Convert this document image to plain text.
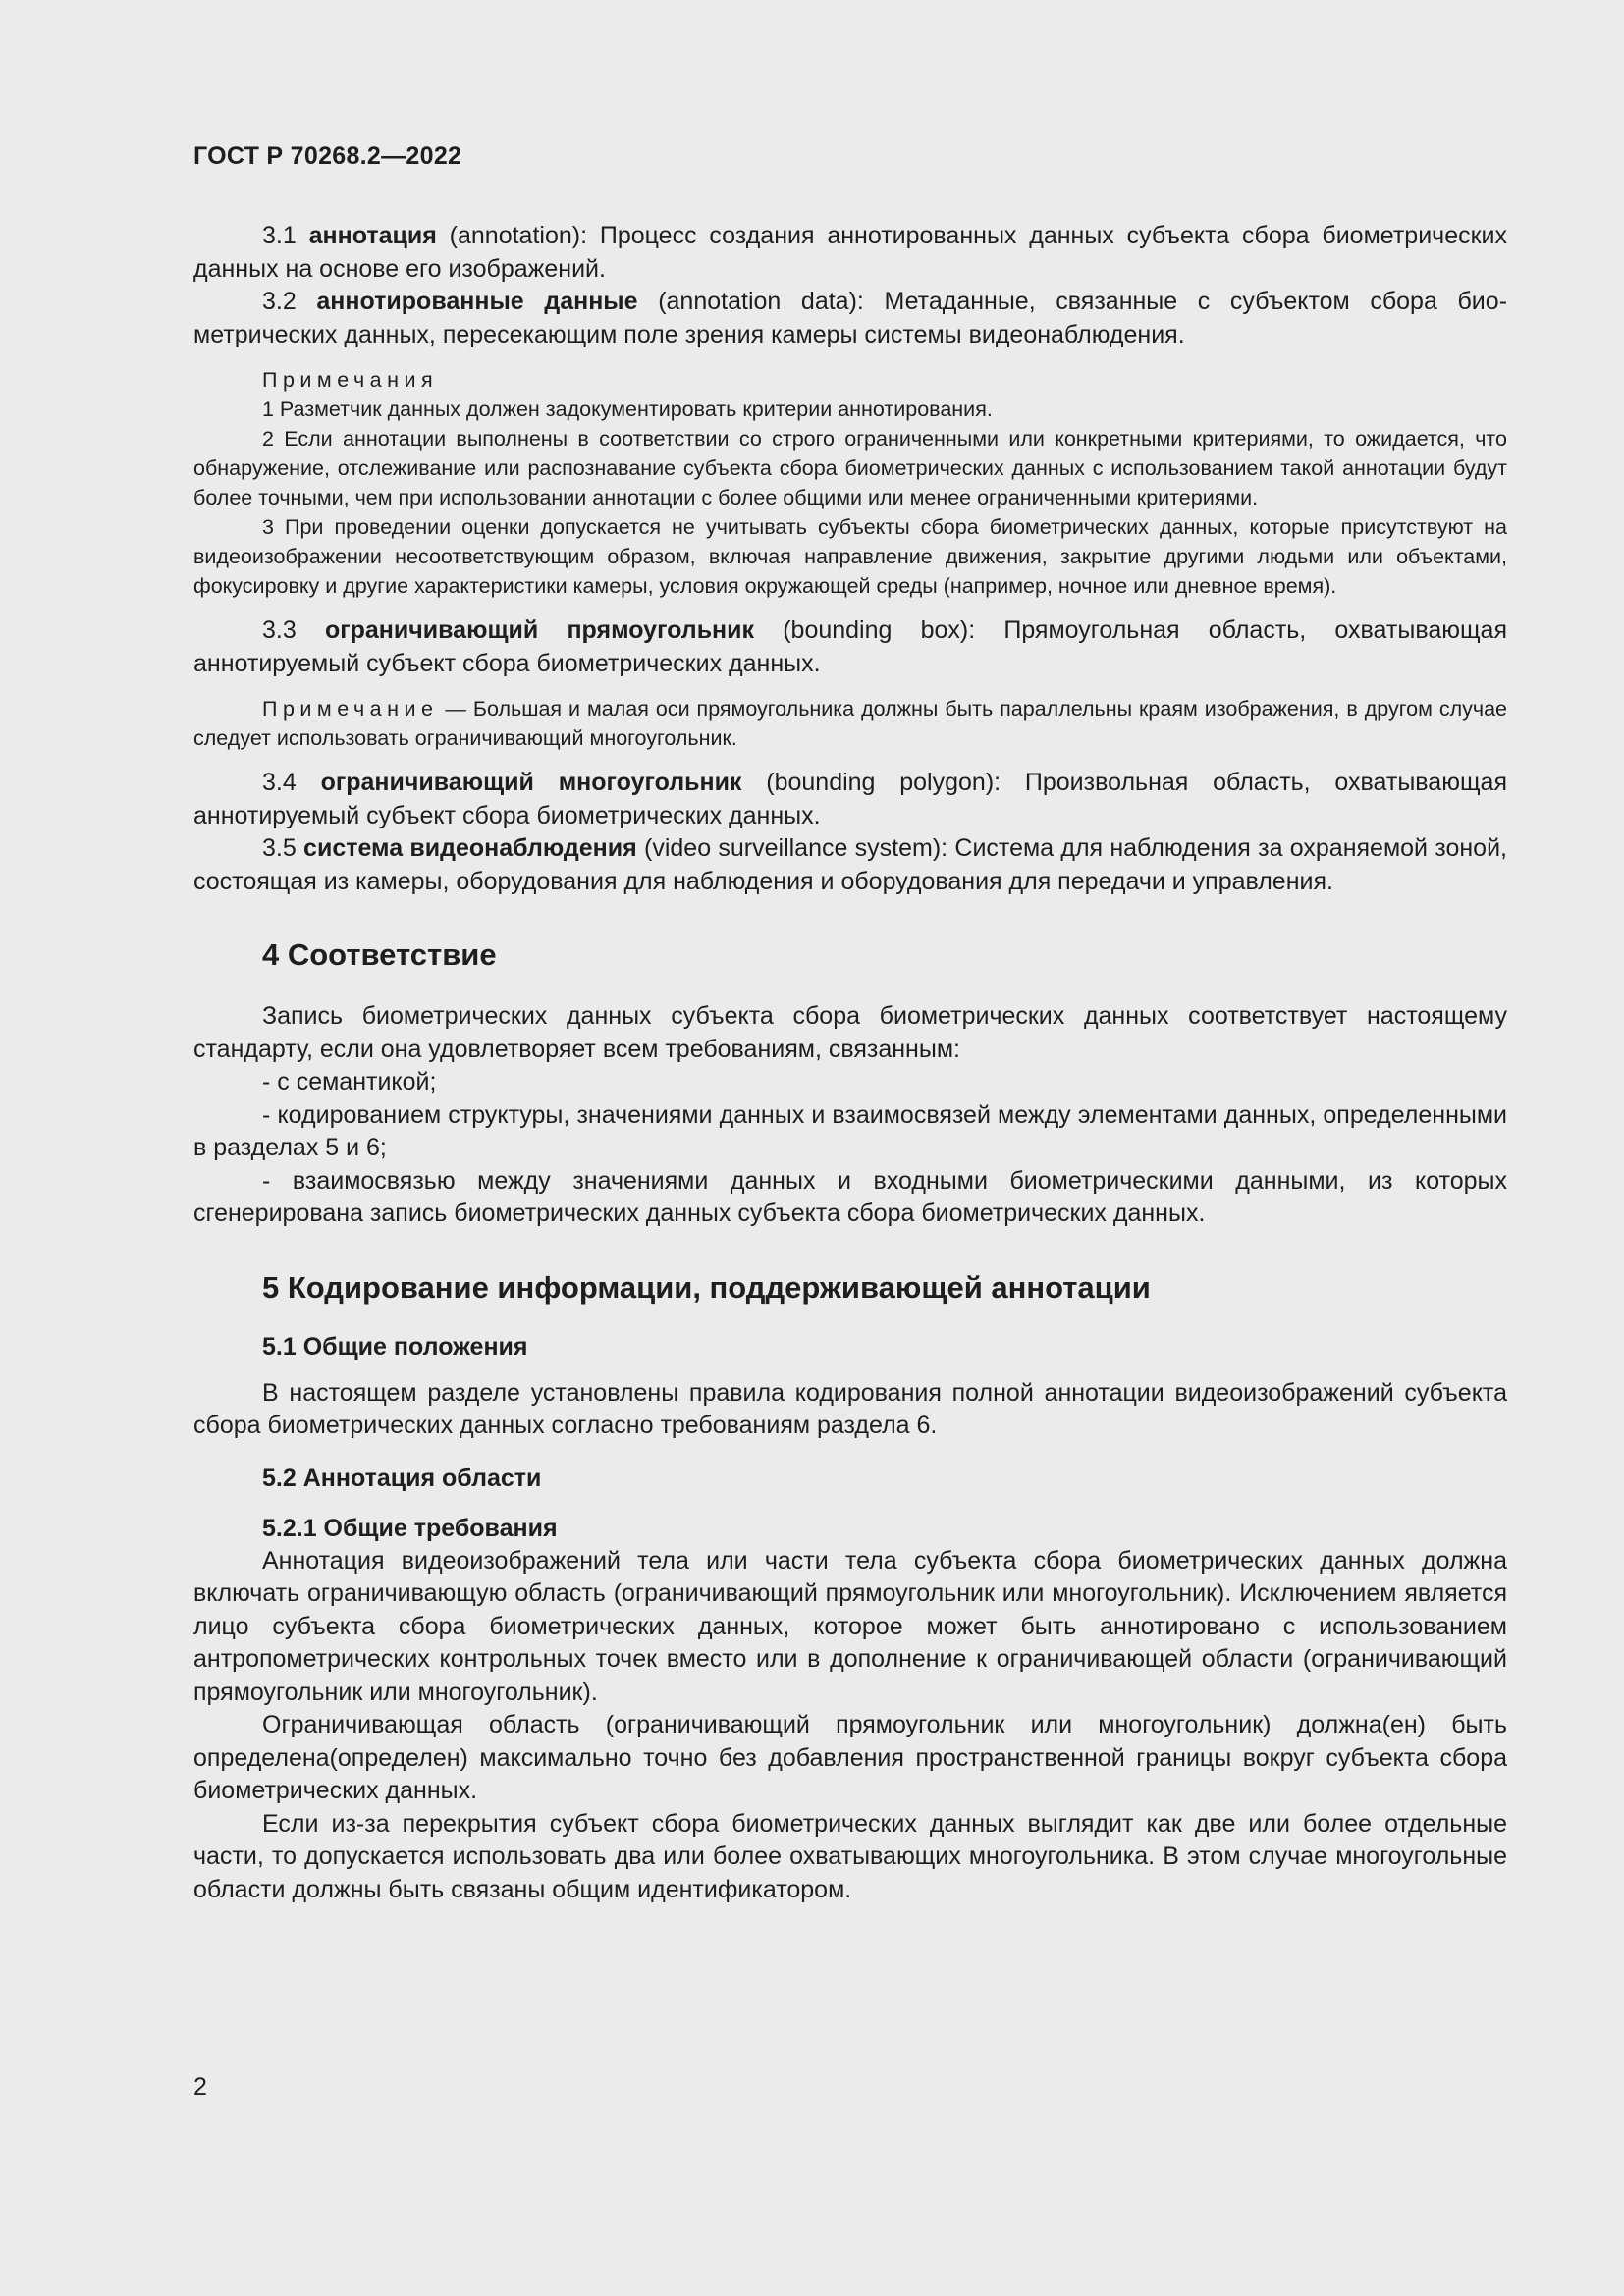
ГОСТ Р 70268.2—2022

3.1 аннотация (annotation): Процесс создания аннотированных данных субъекта сбора биометрических данных на основе его изображений.

3.2 аннотированные данные (annotation data): Метаданные, связанные с субъектом сбора биометрических данных, пересекающим поле зрения камеры системы видеонаблюдения.

Примечания

1 Разметчик данных должен задокументировать критерии аннотирования.

2 Если аннотации выполнены в соответствии со строго ограниченными или конкретными критериями, то ожидается, что обнаружение, отслеживание или распознавание субъекта сбора биометрических данных с использованием такой аннотации будут более точными, чем при использовании аннотации с более общими или менее ограниченными критериями.

3 При проведении оценки допускается не учитывать субъекты сбора биометрических данных, которые присутствуют на видеоизображении несоответствующим образом, включая направление движения, закрытие другими людьми или объектами, фокусировку и другие характеристики камеры, условия окружающей среды (например, ночное или дневное время).

3.3 ограничивающий прямоугольник (bounding box): Прямоугольная область, охватывающая аннотируемый субъект сбора биометрических данных.

Примечание — Большая и малая оси прямоугольника должны быть параллельны краям изображения, в другом случае следует использовать ограничивающий многоугольник.

3.4 ограничивающий многоугольник (bounding polygon): Произвольная область, охватывающая аннотируемый субъект сбора биометрических данных.

3.5 система видеонаблюдения (video surveillance system): Система для наблюдения за охраняемой зоной, состоящая из камеры, оборудования для наблюдения и оборудования для передачи и управления.

4 Соответствие

Запись биометрических данных субъекта сбора биометрических данных соответствует настоящему стандарту, если она удовлетворяет всем требованиям, связанным:

- с семантикой;

- кодированием структуры, значениями данных и взаимосвязей между элементами данных, определенными в разделах 5 и 6;

- взаимосвязью между значениями данных и входными биометрическими данными, из которых сгенерирована запись биометрических данных субъекта сбора биометрических данных.

5 Кодирование информации, поддерживающей аннотации
5.1 Общие положения

В настоящем разделе установлены правила кодирования полной аннотации видеоизображений субъекта сбора биометрических данных согласно требованиям раздела 6.

5.2 Аннотация области
5.2.1 Общие требования

Аннотация видеоизображений тела или части тела субъекта сбора биометрических данных должна включать ограничивающую область (ограничивающий прямоугольник или многоугольник). Исключением является лицо субъекта сбора биометрических данных, которое может быть аннотировано с использованием антропометрических контрольных точек вместо или в дополнение к ограничивающей области (ограничивающий прямоугольник или многоугольник).

Ограничивающая область (ограничивающий прямоугольник или многоугольник) должна(ен) быть определена(определен) максимально точно без добавления пространственной границы вокруг субъекта сбора биометрических данных.

Если из-за перекрытия субъект сбора биометрических данных выглядит как две или более отдельные части, то допускается использовать два или более охватывающих многоугольника. В этом случае многоугольные области должны быть связаны общим идентификатором.

2
